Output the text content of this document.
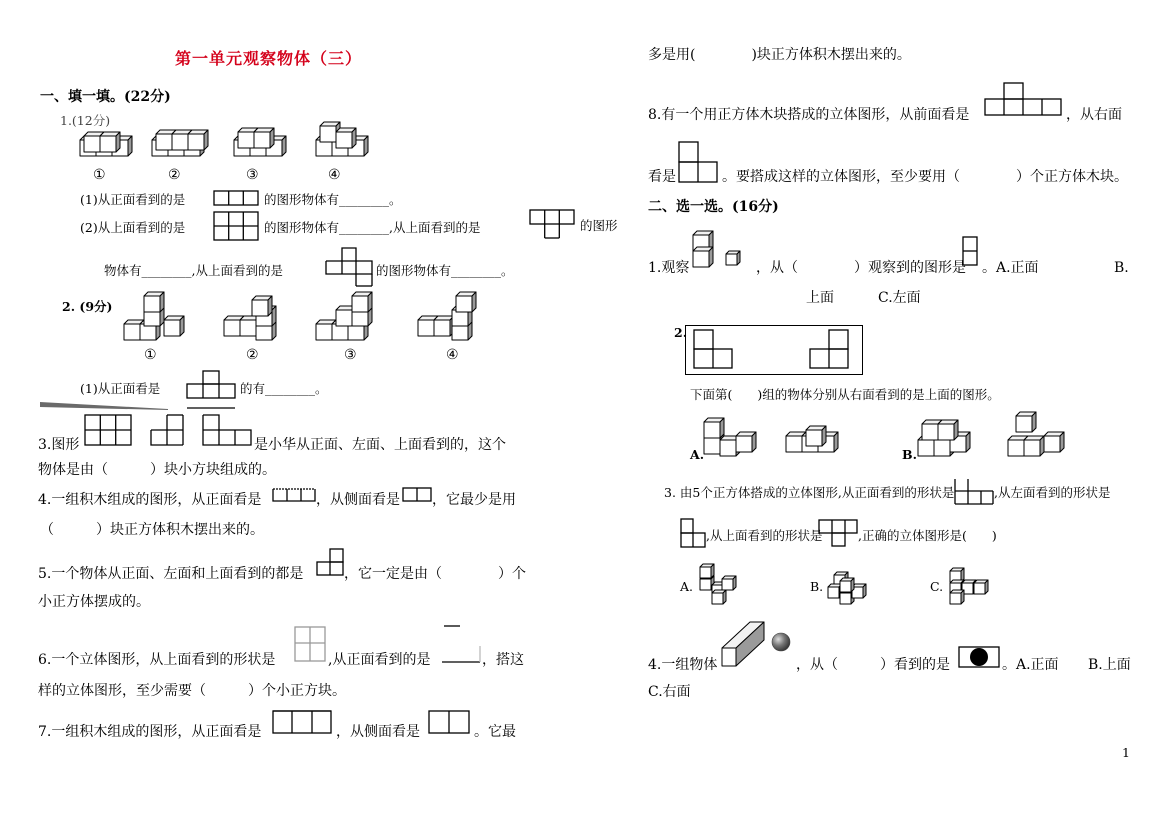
第一单元观察物体（三）
一、填一填。(22分)
1.(12分)
①	②	③	④
(1)从正面看到的是	的图形物体有________。
(2)从上面看到的是	的图形物体有________,从上面看到的是	的图形
物体有________,从上面看到的是	的图形物体有________。
2. (9分)
①	②	③	④
(1)从正面看是	的有________。
3.图形	是小华从正面、左面、上面看到的，这个
物体是由（　　　）块小方块组成的。
4.一组积木组成的图形，从正面看是	，从侧面看是 ，它最少是用
（　　　）块正方体积木摆出来的。
5.一个物体从正面、左面和上面看到的都是	，它一定是由（　　　　）个
小正方体摆成的。
6.一个立体图形，从上面看到的形状是	,从正面看到的是	，搭这
样的立体图形，至少需要（　　　）个小正方块。
7.一组积木组成的图形，从正面看是	，从侧面看是	。它最
多是用(　　　　)块正方体积木摆出来的。
8.有一个用正方体木块搭成的立体图形，从前面看是	，从右面
看是	。要搭成这样的立体图形，至少要用（　　　　）个正方体木块。
二、选一选。(16分)
1.观察	，从（　　　　）观察到的图形是 。A.正面	B.
上面	C.左面
2.
下面第(　　)组的物体分别从右面看到的是上面的图形。
A.	B.
3. 由5个正方体搭成的立体图形,从正面看到的形状是	,从左面看到的形状是
,从上面看到的形状是	,正确的立体图形是(　　)
A.	B.	C.
4.一组物体	，从（　　　）看到的是	。A.正面 B.上面
C.右面
1
